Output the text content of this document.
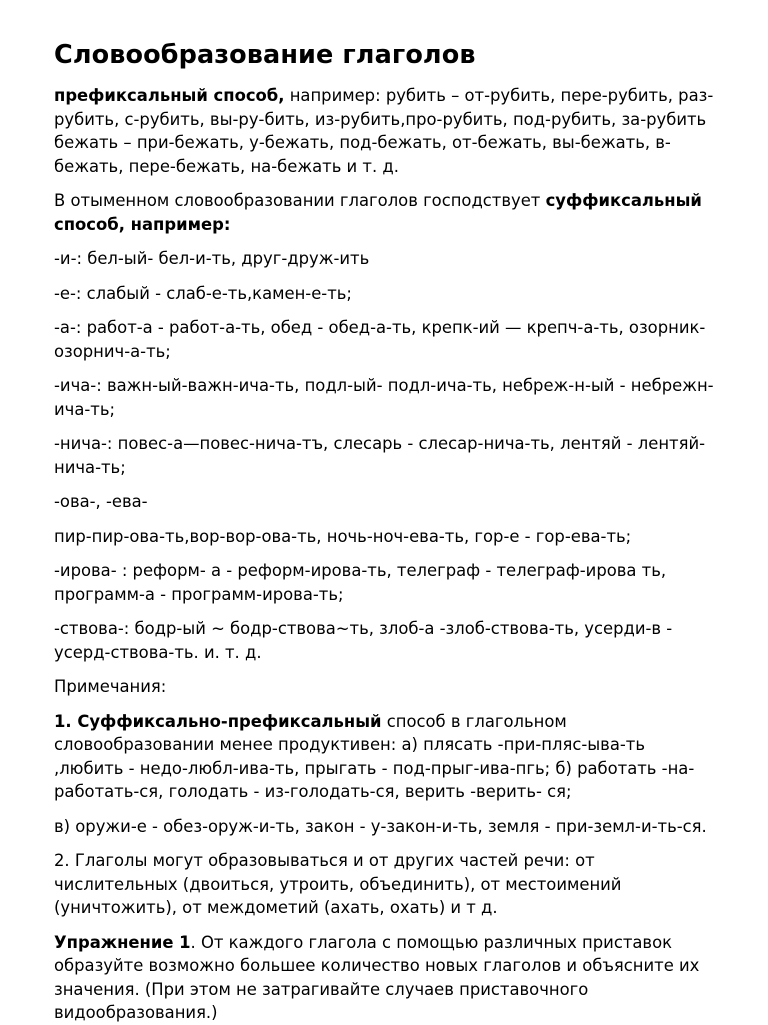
Словообразование глаголов

префиксальный способ, например: рубить – от-рубить, пере-рубить, раз-рубить, с-рубить, вы-ру-бить, из-рубить,про-рубить, под-рубить, за-рубить бежать – при-бежать, у-бежать, под-бежать, от-бежать, вы-бежать, в-бежать, пере-бежать, на-бежать и т. д.

В отыменном словообразовании глаголов господствует суффиксальный способ, например:

-и-: бел-ый- бел-и-ть, друг-друж-ить

-е-: слабый - слаб-е-ть,камен-е-ть;

-а-: работ-а - работ-а-ть, обед - обед-а-ть, крепк-ий — крепч-а-ть, озорник-озорнич-а-ть;

-ича-: важн-ый-важн-ича-ть, подл-ый- подл-ича-ть, небреж-н-ый - небрежн-ича-ть;

-нича-: повес-а—повес-нича-тъ, слесарь - слесар-нича-ть, лентяй - лентяй-нича-ть;

-ова-, -ева-

пир-пир-ова-ть,вор-вор-ова-ть, ночь-ноч-ева-ть, гор-е - гор-ева-ть;

-ирова- : реформ- а - реформ-ирова-ть, телеграф - телеграф-ирова ть, программ-а - программ-ирова-ть;

-ствова-: бодр-ый ~ бодр-ствова~ть, злоб-а -злоб-ствова-ть, усерди-в - усерд-ствова-ть. и. т. д.

Примечания:

1. Суффиксально-префиксальный способ в глагольном словообразовании менее продуктивен: а) плясать -при-пляс-ыва-ть ,любить - недо-любл-ива-ть, прыгать - под-прыг-ива-пгь; б) работать -на-работать-ся, голодать - из-голодать-ся, верить -верить- ся;

в) оружи-е - обез-оруж-и-ть, закон - у-закон-и-ть, земля - при-земл-и-ть-ся.

2. Глаголы могут образовываться и от других частей речи: от числительных (двоиться, утроить, объединить), от местоимений (уничтожить), от междометий (ахать, охать) и т д.

Упражнение 1. От каждого глагола с помощью различных приставок образуйте возможно большее количество новых глаголов и объясните их значения. (При этом не затрагивайте случаев приставочного видообразования.)
